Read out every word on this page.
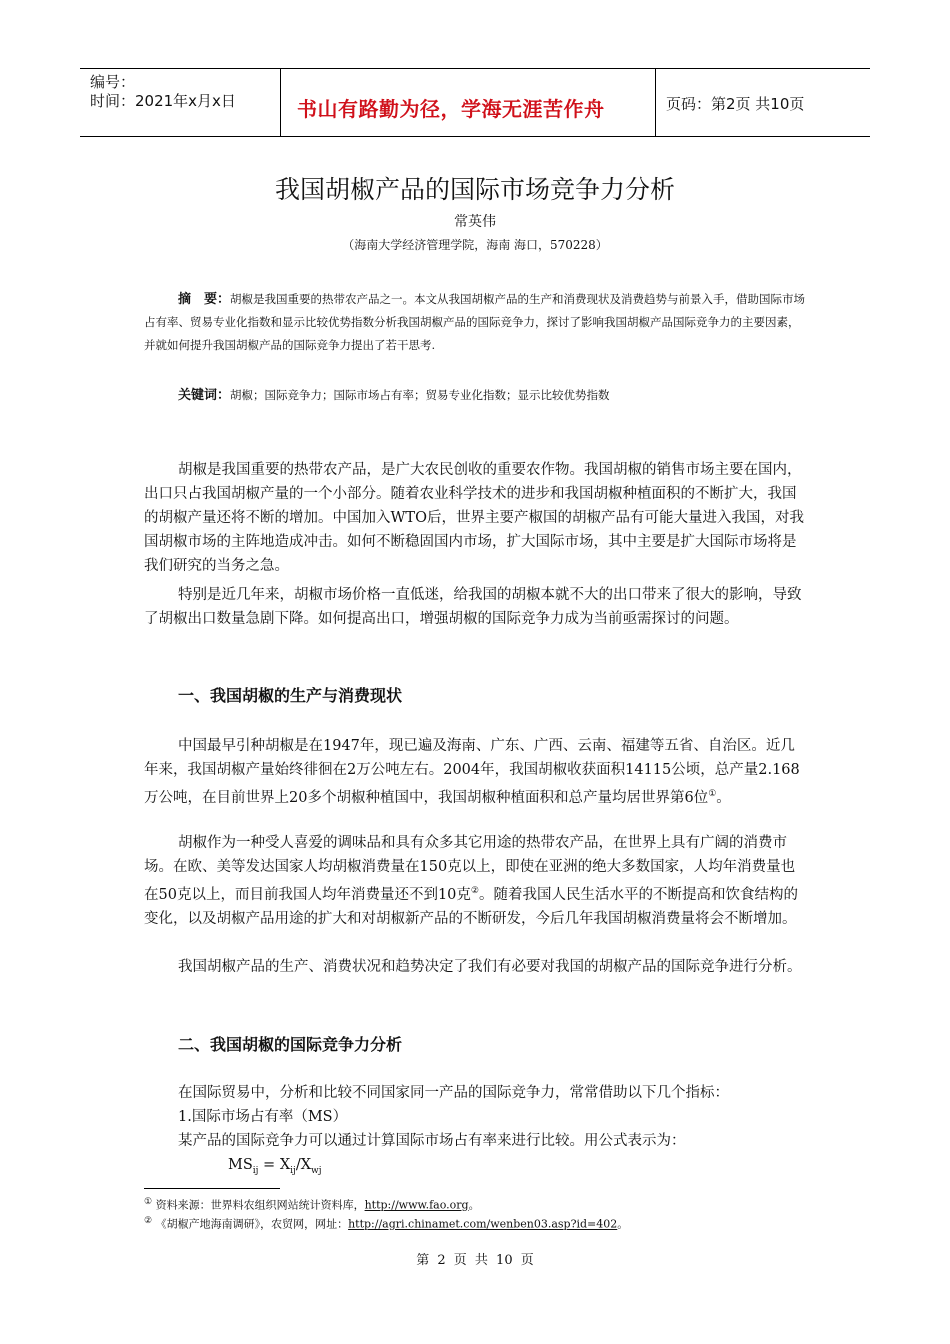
编号：
时间：2021年x月x日	书山有路勤为径，学海无涯苦作舟	页码：第2页 共10页
我国胡椒产品的国际市场竞争力分析
常英伟
（海南大学经济管理学院，海南 海口，570228）
摘　要：胡椒是我国重要的热带农产品之一。本文从我国胡椒产品的生产和消费现状及消费趋势与前景入手，借助国际市场占有率、贸易专业化指数和显示比较优势指数分析我国胡椒产品的国际竞争力，探讨了影响我国胡椒产品国际竞争力的主要因素，并就如何提升我国胡椒产品的国际竞争力提出了若干思考.
关键词：胡椒；国际竞争力；国际市场占有率；贸易专业化指数；显示比较优势指数

胡椒是我国重要的热带农产品，是广大农民创收的重要农作物。我国胡椒的销售市场主要在国内，出口只占我国胡椒产量的一个小部分。随着农业科学技术的进步和我国胡椒种植面积的不断扩大，我国的胡椒产量还将不断的增加。中国加入WTO后，世界主要产椒国的胡椒产品有可能大量进入我国，对我国胡椒市场的主阵地造成冲击。如何不断稳固国内市场，扩大国际市场，其中主要是扩大国际市场将是我们研究的当务之急。

特别是近几年来，胡椒市场价格一直低迷，给我国的胡椒本就不大的出口带来了很大的影响，导致了胡椒出口数量急剧下降。如何提高出口，增强胡椒的国际竞争力成为当前亟需探讨的问题。

一、我国胡椒的生产与消费现状

中国最早引种胡椒是在1947年，现已遍及海南、广东、广西、云南、福建等五省、自治区。近几年来，我国胡椒产量始终徘徊在2万公吨左右。2004年，我国胡椒收获面积14115公顷，总产量2.168万公吨，在目前世界上20多个胡椒种植国中，我国胡椒种植面积和总产量均居世界第6位①。

胡椒作为一种受人喜爱的调味品和具有众多其它用途的热带农产品，在世界上具有广阔的消费市场。在欧、美等发达国家人均胡椒消费量在150克以上，即使在亚洲的绝大多数国家，人均年消费量也在50克以上，而目前我国人均年消费量还不到10克②。随着我国人民生活水平的不断提高和饮食结构的变化，以及胡椒产品用途的扩大和对胡椒新产品的不断研发，今后几年我国胡椒消费量将会不断增加。

我国胡椒产品的生产、消费状况和趋势决定了我们有必要对我国的胡椒产品的国际竞争进行分析。

二、我国胡椒的国际竞争力分析
在国际贸易中，分析和比较不同国家同一产品的国际竞争力，常常借助以下几个指标：
1.国际市场占有率（MS）
某产品的国际竞争力可以通过计算国际市场占有率来进行比较。用公式表示为：
$MS_{ij} = X_{ij}/X_{wj}$
① 资料来源：世界料农组织网站统计资料库，http://www.fao.org。
② 《胡椒产地海南调研》，农贸网，网址：http://agri.chinamet.com/wenben03.asp?id=402。
第 2 页 共 10 页
